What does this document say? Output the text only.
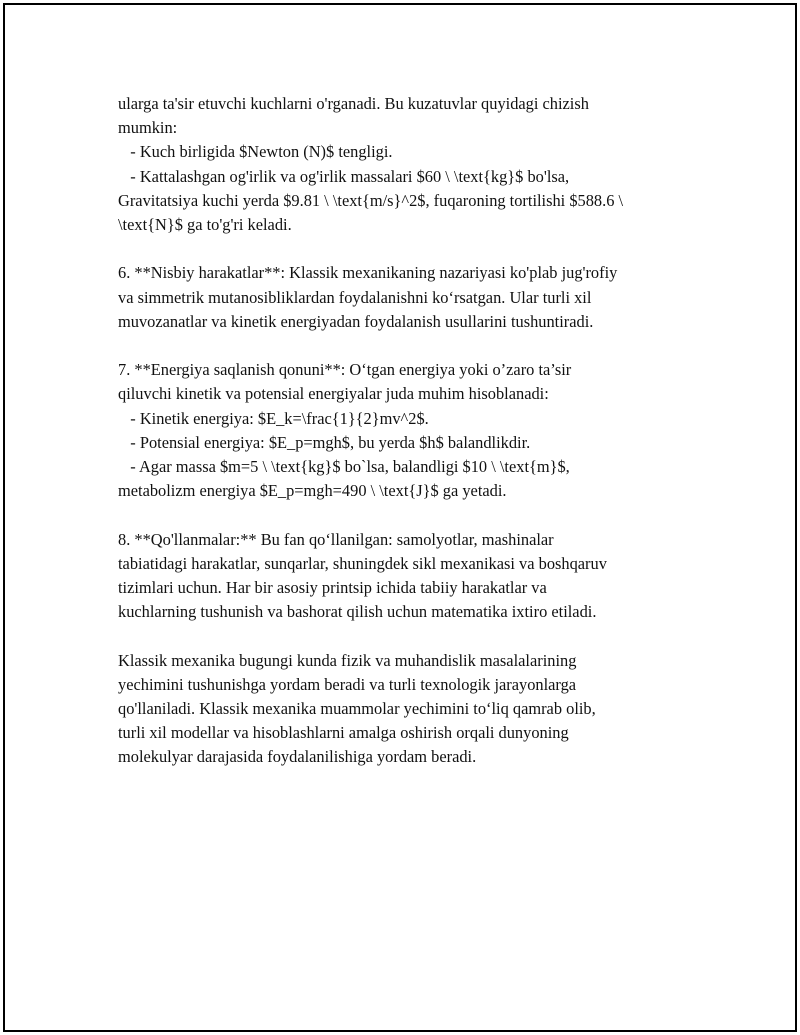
ularga ta'sir etuvchi kuchlarni o'rganadi. Bu kuzatuvlar quyidagi chizish
mumkin:
- Kuch birligida $Newton (N)$ tengligi.
- Kattalashgan og'irlik va og'irlik massalari $60 \ \text{kg}$ bo'lsa,
Gravitatsiya kuchi yerda $9.81 \ \text{m/s}^2$, fuqaroning tortilishi $588.6 \
\text{N}$ ga to'g'ri keladi.
6. **Nisbiy harakatlar**: Klassik mexanikaning nazariyasi ko'plab jug'rofiy
va simmetrik mutanosibliklardan foydalanishni ko‘rsatgan. Ular turli xil
muvozanatlar va kinetik energiyadan foydalanish usullarini tushuntiradi.
7. **Energiya saqlanish qonuni**: O‘tgan energiya yoki o’zaro ta’sir
qiluvchi kinetik va potensial energiyalar juda muhim hisoblanadi:
- Kinetik energiya: $E_k=\frac{1}{2}mv^2$.
- Potensial energiya: $E_p=mgh$, bu yerda $h$ balandlikdir.
- Agar massa $m=5 \ \text{kg}$ bo`lsa, balandligi $10 \ \text{m}$,
metabolizm energiya $E_p=mgh=490 \ \text{J}$ ga yetadi.
8. **Qo'llanmalar:** Bu fan qo‘llanilgan: samolyotlar, mashinalar
tabiatidagi harakatlar, sunqarlar, shuningdek sikl mexanikasi va boshqaruv
tizimlari uchun. Har bir asosiy printsip ichida tabiiy harakatlar va
kuchlarning tushunish va bashorat qilish uchun matematika ixtiro etiladi.
Klassik mexanika bugungi kunda fizik va muhandislik masalalarining
yechimini tushunishga yordam beradi va turli texnologik jarayonlarga
qo'llaniladi. Klassik mexanika muammolar yechimini to‘liq qamrab olib,
turli xil modellar va hisoblashlarni amalga oshirish orqali dunyoning
molekulyar darajasida foydalanilishiga yordam beradi.
